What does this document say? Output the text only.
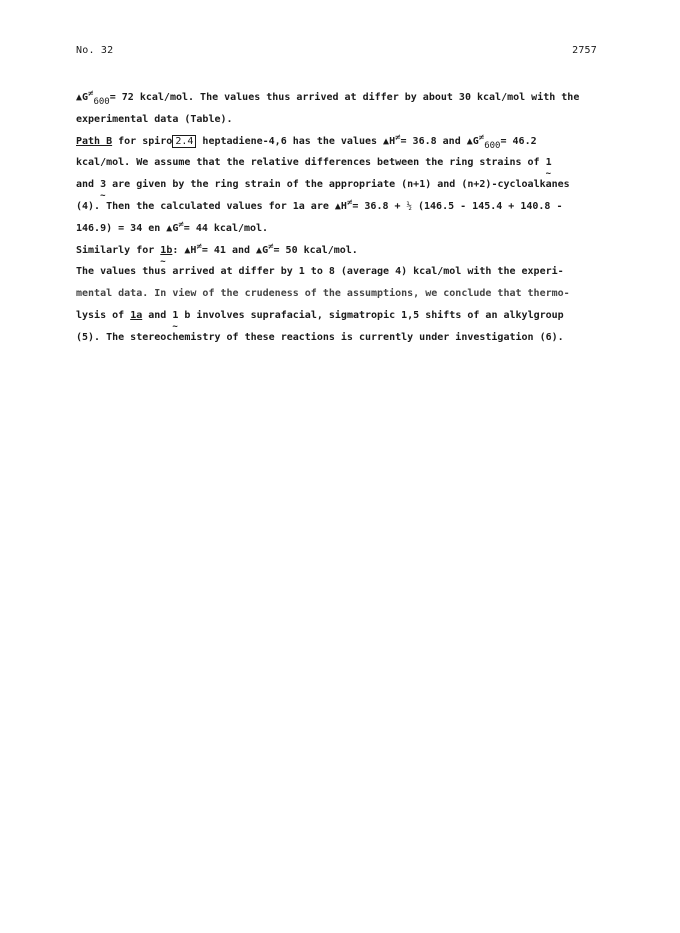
No. 32	2757
▲G≠600= 72 kcal/mol. The values thus arrived at differ by about 30 kcal/mol with the
experimental data (Table).
Path B for spiro 2.4 heptadiene-4,6 has the values ▲H≠= 36.8 and ▲G≠600= 46.2
kcal/mol. We assume that the relative differences between the ring strains of 1 ~
and 3 ~ are given by the ring strain of the appropriate (n+1) and (n+2)-cycloalkanes
(4). Then the calculated values for 1a are ▲H≠= 36.8 + ½ (146.5 - 145.4 + 140.8 -
146.9) = 34 en ▲G≠= 44 kcal/mol.
Similarly for 1b ~: ▲H≠= 41 and ▲G≠= 50 kcal/mol.
The values thus arrived at differ by 1 to 8 (average 4) kcal/mol with the experi-
mental data. In view of the crudeness of the assumptions, we conclude that thermo-
lysis of 1a and 1 ~ b involves suprafacial, sigmatropic 1,5 shifts of an alkylgroup
(5). The stereochemistry of these reactions is currently under investigation (6).
